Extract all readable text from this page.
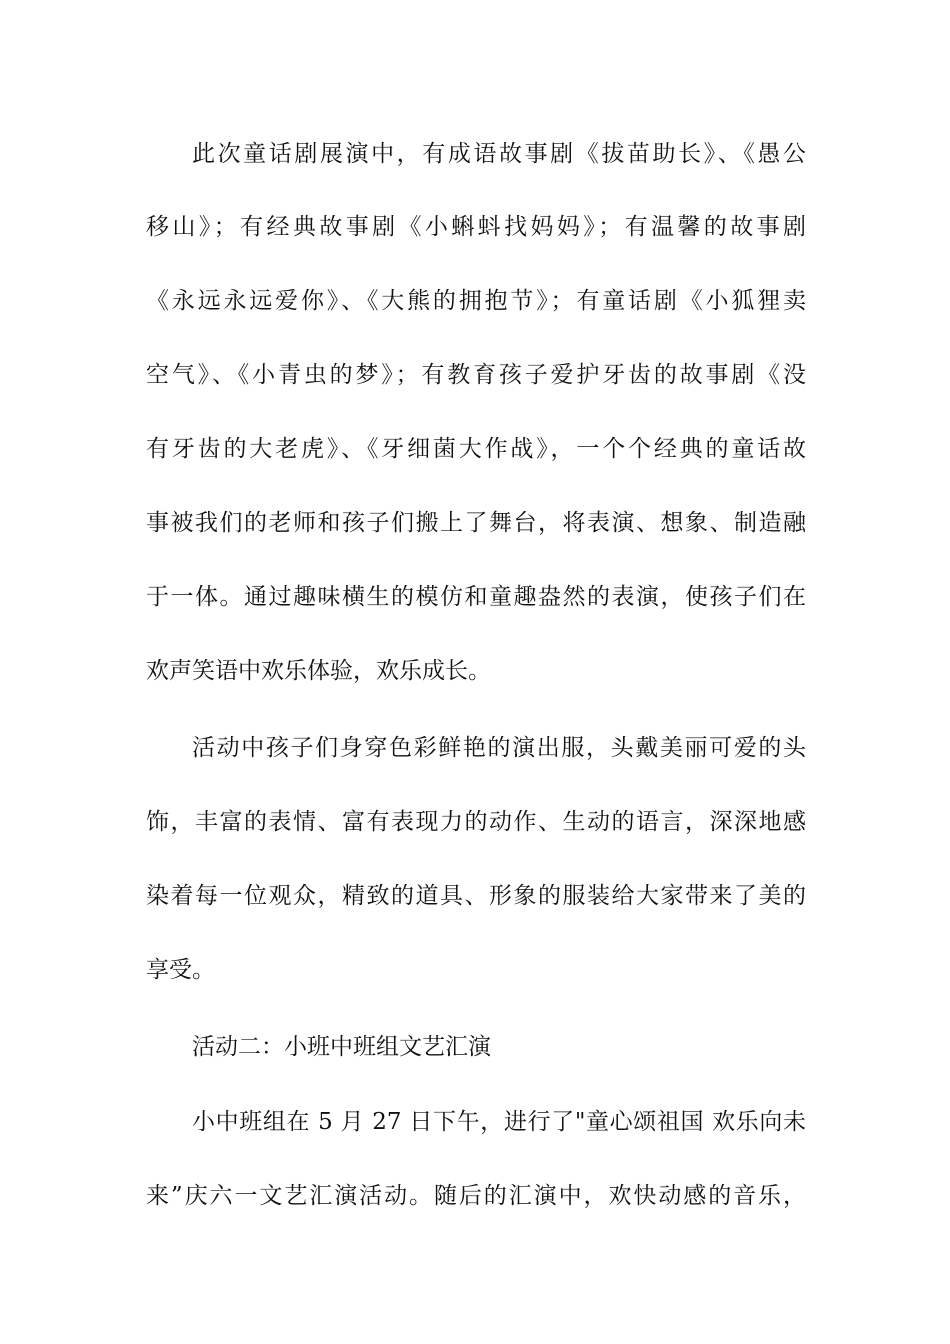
此次童话剧展演中，有成语故事剧《拔苗助长》、《愚公
移山》；有经典故事剧《小蝌蚪找妈妈》；有温馨的故事剧
《永远永远爱你》、《大熊的拥抱节》；有童话剧《小狐狸卖
空气》、《小青虫的梦》；有教育孩子爱护牙齿的故事剧《没
有牙齿的大老虎》、《牙细菌大作战》，一个个经典的童话故
事被我们的老师和孩子们搬上了舞台，将表演、想象、制造融
于一体。通过趣味横生的模仿和童趣盎然的表演，使孩子们在
欢声笑语中欢乐体验，欢乐成长。
活动中孩子们身穿色彩鲜艳的演出服，头戴美丽可爱的头
饰，丰富的表情、富有表现力的动作、生动的语言，深深地感
染着每一位观众，精致的道具、形象的服装给大家带来了美的
享受。
活动二：小班中班组文艺汇演
小中班组在 5 月 27 日下午，进行了"童心颂祖国 欢乐向未
来”庆六一文艺汇演活动。随后的汇演中，欢快动感的音乐，
